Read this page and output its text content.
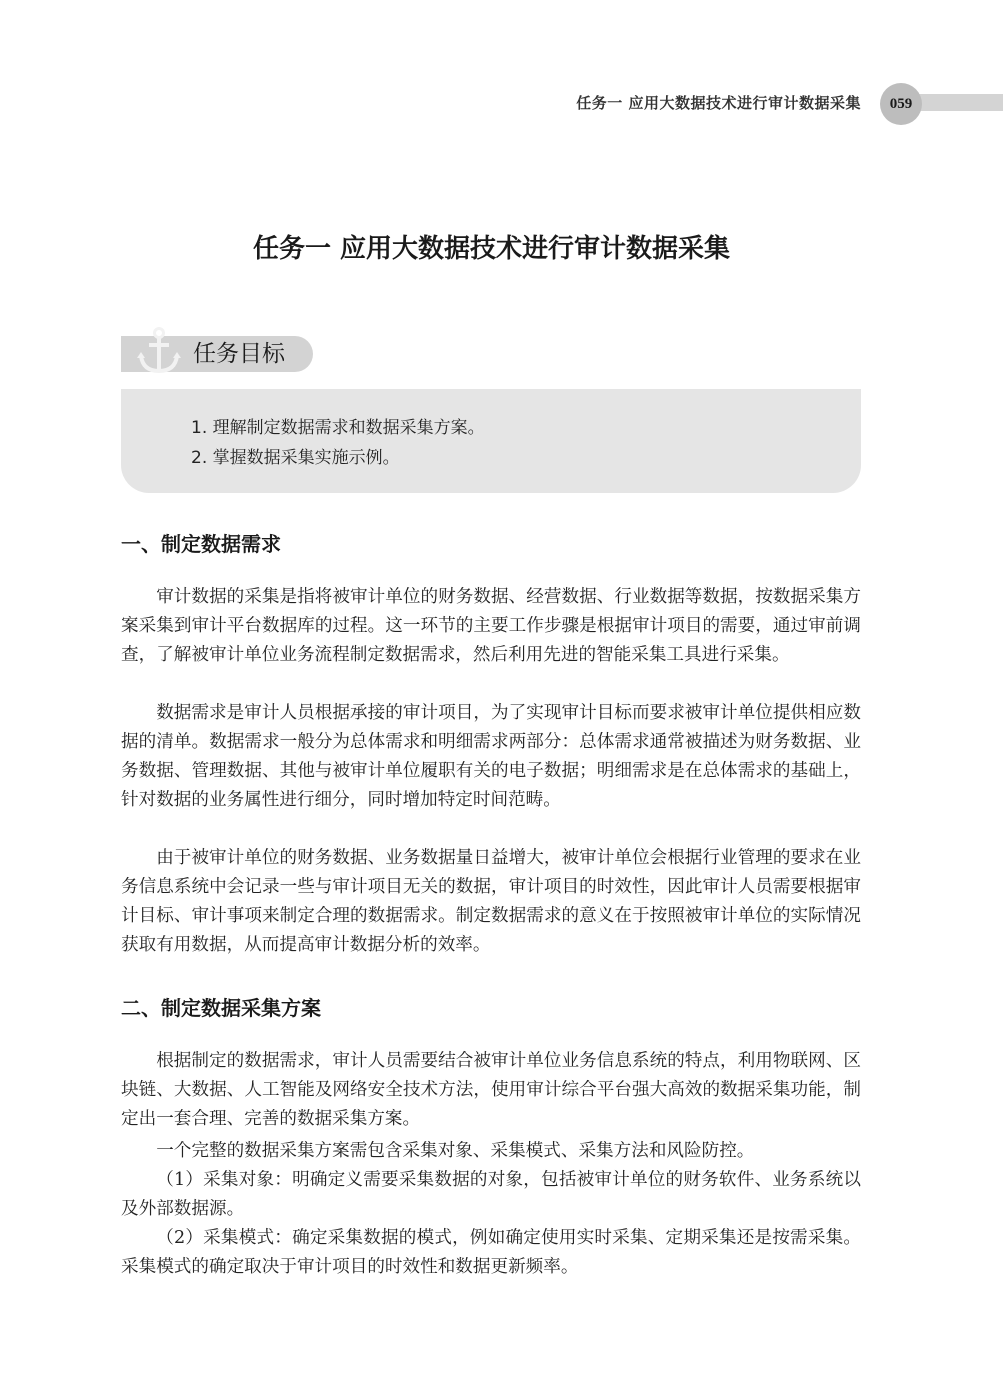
任务一 应用大数据技术进行审计数据采集	059
任务一 应用大数据技术进行审计数据采集
任务目标
1. 理解制定数据需求和数据采集方案。
2. 掌握数据采集实施示例。
一、制定数据需求

审计数据的采集是指将被审计单位的财务数据、经营数据、行业数据等数据，按数据采集方案采集到审计平台数据库的过程。这一环节的主要工作步骤是根据审计项目的需要，通过审前调查，了解被审计单位业务流程制定数据需求，然后利用先进的智能采集工具进行采集。

数据需求是审计人员根据承接的审计项目，为了实现审计目标而要求被审计单位提供相应数据的清单。数据需求一般分为总体需求和明细需求两部分：总体需求通常被描述为财务数据、业务数据、管理数据、其他与被审计单位履职有关的电子数据；明细需求是在总体需求的基础上，针对数据的业务属性进行细分，同时增加特定时间范畴。

由于被审计单位的财务数据、业务数据量日益增大，被审计单位会根据行业管理的要求在业务信息系统中会记录一些与审计项目无关的数据，审计项目的时效性，因此审计人员需要根据审计目标、审计事项来制定合理的数据需求。制定数据需求的意义在于按照被审计单位的实际情况获取有用数据，从而提高审计数据分析的效率。

二、制定数据采集方案

根据制定的数据需求，审计人员需要结合被审计单位业务信息系统的特点，利用物联网、区块链、大数据、人工智能及网络安全技术方法，使用审计综合平台强大高效的数据采集功能，制定出一套合理、完善的数据采集方案。

一个完整的数据采集方案需包含采集对象、采集模式、采集方法和风险防控。

（1）采集对象：明确定义需要采集数据的对象，包括被审计单位的财务软件、业务系统以及外部数据源。

（2）采集模式：确定采集数据的模式，例如确定使用实时采集、定期采集还是按需采集。采集模式的确定取决于审计项目的时效性和数据更新频率。
